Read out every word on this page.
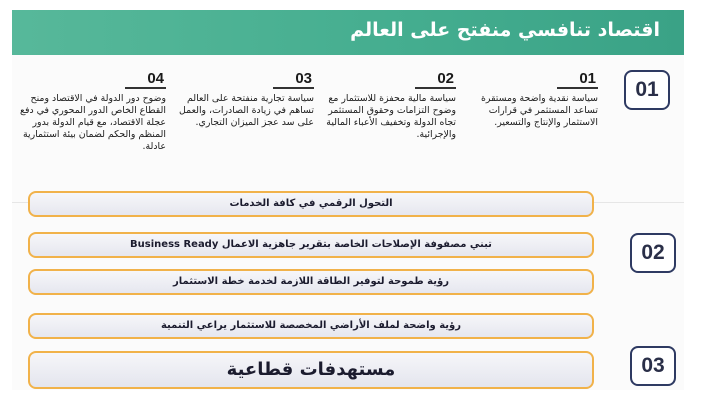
اقتصاد تنافسي منفتح على العالم
01
01
سياسة نقدية واضحة ومستقرة تساعد المستثمر في قرارات الاستثمار والإنتاج والتسعير.
02
سياسة مالية محفزة للاستثمار مع وضوح التزامات وحقوق المستثمر تجاه الدولة وتخفيف الأعباء المالية والإجرائية.
03
سياسة تجارية منفتحة على العالم تساهم في زيادة الصادرات، والعمل على سد عجز الميزان التجاري.
04
وضوح دور الدولة في الاقتصاد ومنح القطاع الخاص الدور المحوري في دفع عجلة الاقتصاد، مع قيام الدولة بدور المنظم والحكم لضمان بيئة استثمارية عادلة.
التحول الرقمي في كافة الخدمات
تبني مصفوفة الإصلاحات الخاصة بتقرير جاهزية الاعمال Business Ready
رؤية طموحة لتوفير الطاقة اللازمة لخدمة خطة الاستثمار
رؤية واضحة لملف الأراضي المخصصة للاستثمار يراعي التنمية
02
مستهدفات قطاعية	03
